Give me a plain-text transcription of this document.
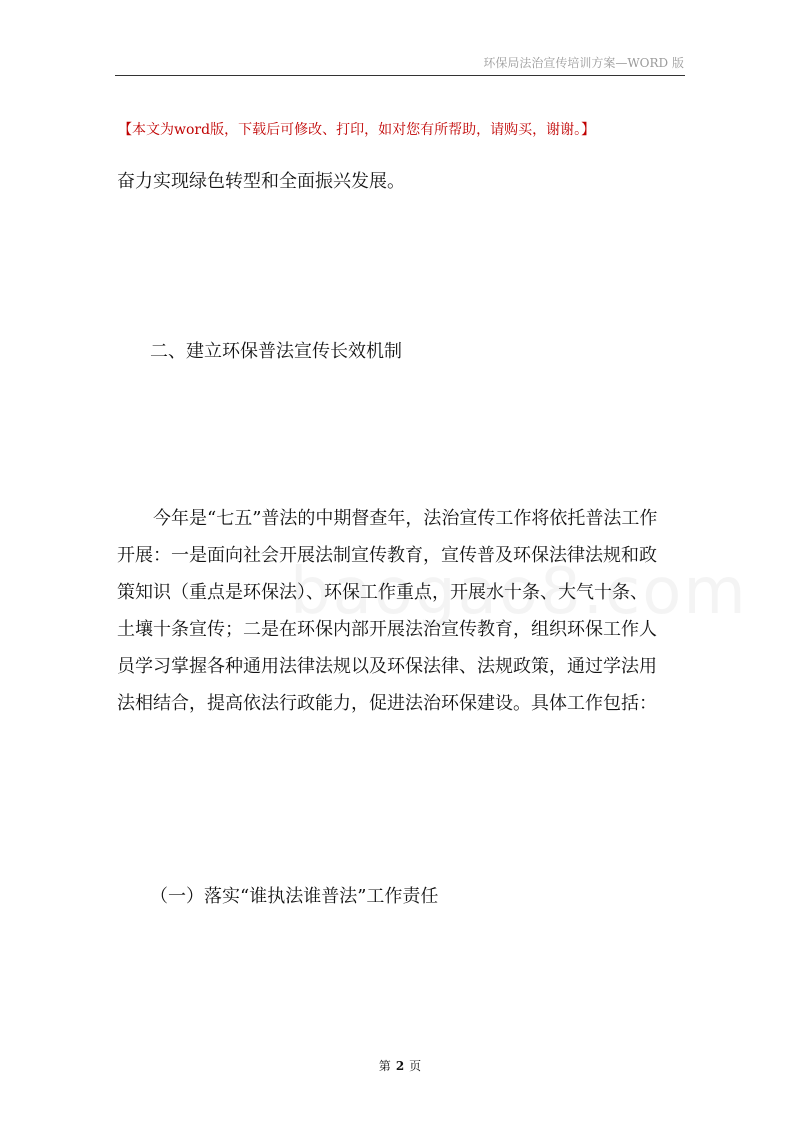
环保局法治宣传培训方案—WORD 版
【本文为word版，下载后可修改、打印，如对您有所帮助，请购买，谢谢。】
奋力实现绿色转型和全面振兴发展。
二、建立环保普法宣传长效机制
今年是“七五”普法的中期督查年，法治宣传工作将依托普法工作
开展：一是面向社会开展法制宣传教育，宣传普及环保法律法规和政
策知识（重点是环保法）、环保工作重点，开展水十条、大气十条、
土壤十条宣传；二是在环保内部开展法治宣传教育，组织环保工作人
员学习掌握各种通用法律法规以及环保法律、法规政策，通过学法用
法相结合，提高依法行政能力，促进法治环保建设。具体工作包括：
（一）落实“谁执法谁普法”工作责任
第 2 页
